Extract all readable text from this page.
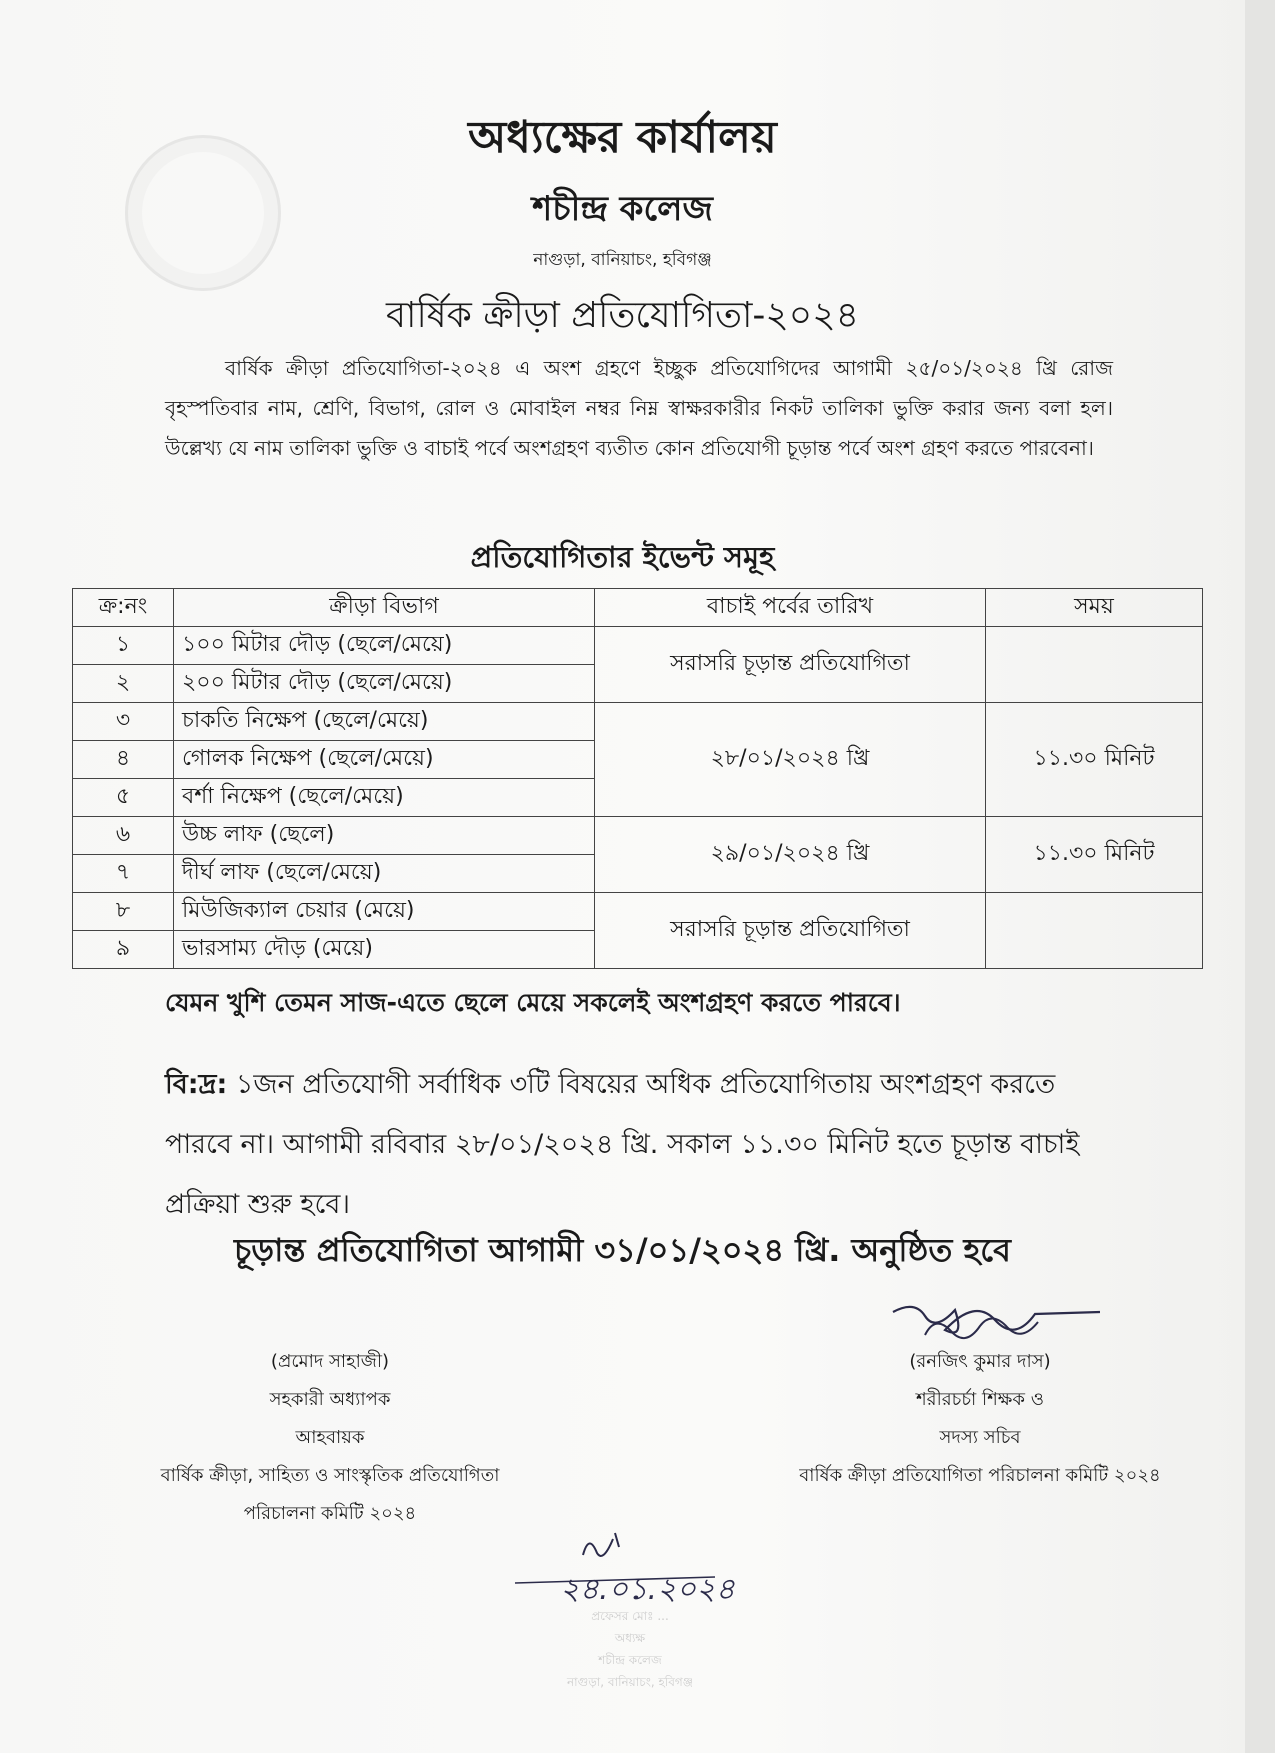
অধ্যক্ষের কার্যালয়
শচীন্দ্র কলেজ
নাগুড়া, বানিয়াচং, হবিগঞ্জ
বার্ষিক ক্রীড়া প্রতিযোগিতা-২০২৪
বার্ষিক ক্রীড়া প্রতিযোগিতা-২০২৪ এ অংশ গ্রহণে ইচ্ছুক প্রতিযোগিদের আগামী ২৫/০১/২০২৪ খ্রি রোজ বৃহস্পতিবার নাম, শ্রেণি, বিভাগ, রোল ও মোবাইল নম্বর নিম্ন স্বাক্ষরকারীর নিকট তালিকা ভুক্তি করার জন্য বলা হল। উল্লেখ্য যে নাম তালিকা ভুক্তি ও বাচাই পর্বে অংশগ্রহণ ব্যতীত কোন প্রতিযোগী চূড়ান্ত পর্বে অংশ গ্রহণ করতে পারবেনা।
প্রতিযোগিতার ইভেন্ট সমূহ
ক্র:নং	ক্রীড়া বিভাগ	বাচাই পর্বের তারিখ	সময়
১	১০০ মিটার দৌড় (ছেলে/মেয়ে)	সরাসরি চূড়ান্ত প্রতিযোগিতা	
২	২০০ মিটার দৌড় (ছেলে/মেয়ে)		
৩	চাকতি নিক্ষেপ (ছেলে/মেয়ে)	২৮/০১/২০২৪ খ্রি	১১.৩০ মিনিট
৪	গোলক নিক্ষেপ (ছেলে/মেয়ে)		
৫	বর্শা নিক্ষেপ (ছেলে/মেয়ে)		
৬	উচ্চ লাফ (ছেলে)	২৯/০১/২০২৪ খ্রি	১১.৩০ মিনিট
৭	দীর্ঘ লাফ (ছেলে/মেয়ে)		
৮	মিউজিক্যাল চেয়ার (মেয়ে)	সরাসরি চূড়ান্ত প্রতিযোগিতা	
৯	ভারসাম্য দৌড় (মেয়ে)		
যেমন খুশি তেমন সাজ-এতে ছেলে মেয়ে সকলেই অংশগ্রহণ করতে পারবে।
বি:দ্র: ১জন প্রতিযোগী সর্বাধিক ৩টি বিষয়ের অধিক প্রতিযোগিতায় অংশগ্রহণ করতে পারবে না। আগামী রবিবার ২৮/০১/২০২৪ খ্রি. সকাল ১১.৩০ মিনিট হতে চূড়ান্ত বাচাই প্রক্রিয়া শুরু হবে।
চূড়ান্ত প্রতিযোগিতা আগামী ৩১/০১/২০২৪ খ্রি. অনুষ্ঠিত হবে
(প্রমোদ সাহাজী)
সহকারী অধ্যাপক
আহবায়ক
বার্ষিক ক্রীড়া, সাহিত্য ও সাংস্কৃতিক প্রতিযোগিতা
পরিচালনা কমিটি ২০২৪
(রনজিৎ কুমার দাস)
শরীরচর্চা শিক্ষক ও
সদস্য সচিব
বার্ষিক ক্রীড়া প্রতিযোগিতা পরিচালনা কমিটি ২০২৪
২৪.০১.২০২৪
প্রফেসর মোঃ ...
অধ্যক্ষ
শচীন্দ্র কলেজ
নাগুড়া, বানিয়াচং, হবিগঞ্জ
